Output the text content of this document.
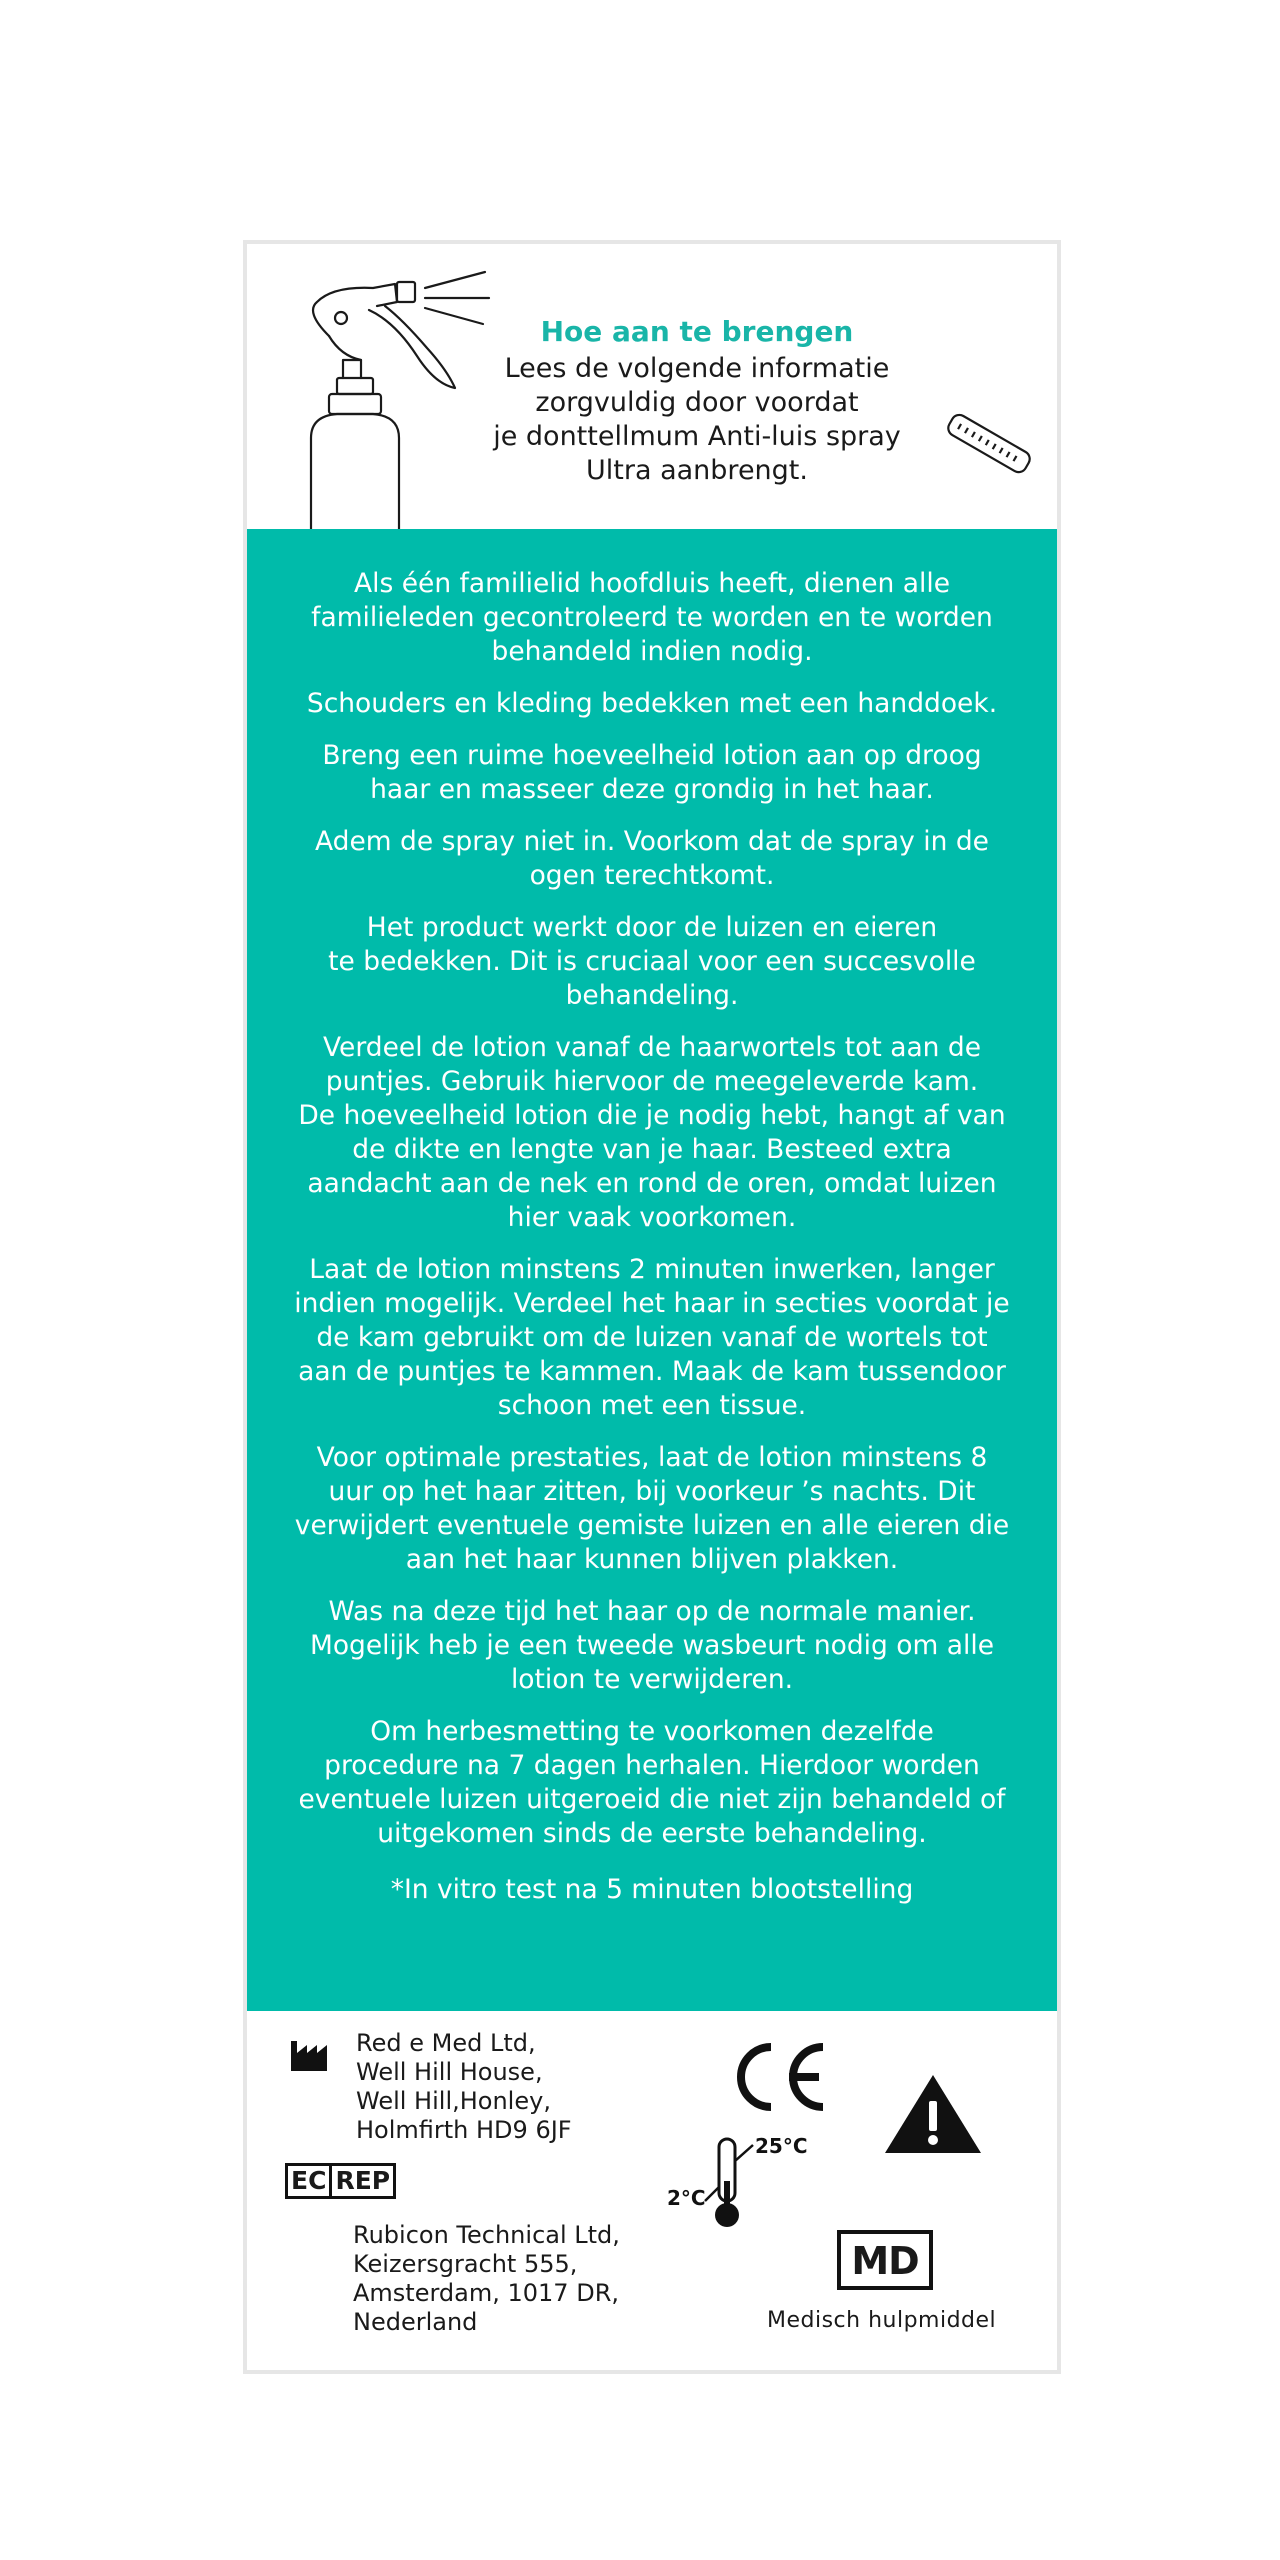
Hoe aan te brengen
Lees de volgende informatie
zorgvuldig door voordat
je donttellmum Anti-luis spray
Ultra aanbrengt.
Als één familielid hoofdluis heeft, dienen alle
familieleden gecontroleerd te worden en te worden
behandeld indien nodig.
Schouders en kleding bedekken met een handdoek.
Breng een ruime hoeveelheid lotion aan op droog
haar en masseer deze grondig in het haar.
Adem de spray niet in. Voorkom dat de spray in de
ogen terechtkomt.
Het product werkt door de luizen en eieren
te bedekken. Dit is cruciaal voor een succesvolle
behandeling.
Verdeel de lotion vanaf de haarwortels tot aan de
puntjes. Gebruik hiervoor de meegeleverde kam.
De hoeveelheid lotion die je nodig hebt, hangt af van
de dikte en lengte van je haar. Besteed extra
aandacht aan de nek en rond de oren, omdat luizen
hier vaak voorkomen.
Laat de lotion minstens 2 minuten inwerken, langer
indien mogelijk. Verdeel het haar in secties voordat je
de kam gebruikt om de luizen vanaf de wortels tot
aan de puntjes te kammen. Maak de kam tussendoor
schoon met een tissue.
Voor optimale prestaties, laat de lotion minstens 8
uur op het haar zitten, bij voorkeur ’s nachts. Dit
verwijdert eventuele gemiste luizen en alle eieren die
aan het haar kunnen blijven plakken.
Was na deze tijd het haar op de normale manier.
Mogelijk heb je een tweede wasbeurt nodig om alle
lotion te verwijderen.
Om herbesmetting te voorkomen dezelfde
procedure na 7 dagen herhalen. Hierdoor worden
eventuele luizen uitgeroeid die niet zijn behandeld of
uitgekomen sinds de eerste behandeling.
*In vitro test na 5 minuten blootstelling
Red e Med Ltd,
Well Hill House,
Well Hill,Honley,
Holmfirth HD9 6JF
EC REP
Rubicon Technical Ltd,
Keizersgracht 555,
Amsterdam, 1017 DR,
Nederland
25°C
2°C
MD
Medisch hulpmiddel
